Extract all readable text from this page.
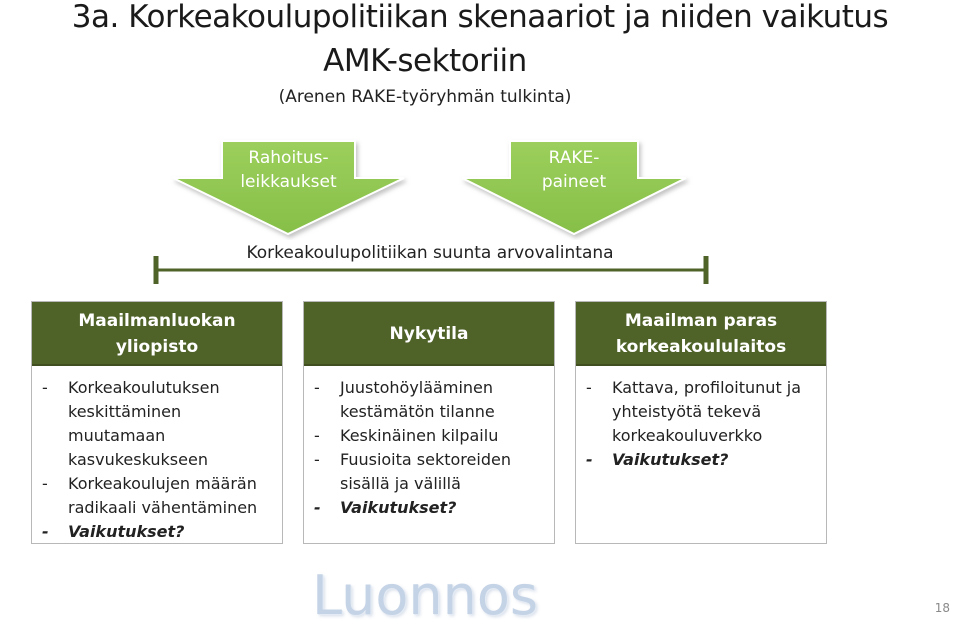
3a. Korkeakoulupolitiikan skenaariot ja niiden vaikutus
AMK-sektoriin
(Arenen RAKE-työryhmän tulkinta)
Rahoitus-
leikkaukset
RAKE-
paineet
Korkeakoulupolitiikan suunta arvovalintana
Maailmanluokan
yliopisto
- Korkeakoulutuksen
keskittäminen
muutamaan
kasvukeskukseen
- Korkeakoulujen määrän
radikaali vähentäminen
- Vaikutukset?
Nykytila
- Juustohöylääminen
kestämätön tilanne
- Keskinäinen kilpailu
- Fuusioita sektoreiden
sisällä ja välillä
- Vaikutukset?
Maailman paras
korkeakoululaitos
- Kattava, profiloitunut ja
yhteistyötä tekevä
korkeakouluverkko
- Vaikutukset?
Luonnos	18
